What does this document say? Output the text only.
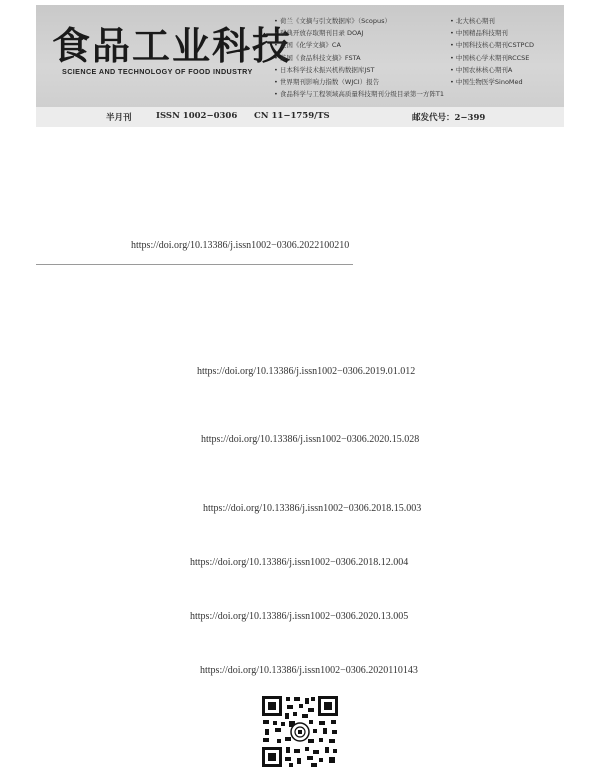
食品工业科技
SCIENCE AND TECHNOLOGY OF FOOD INDUSTRY
• 荷兰《文摘与引文数据库》（Scopus）
• 瑞典开放存取期刊目录 DOAJ
• 美国《化学文摘》CA
• 英国《食品科技文摘》FSTA
• 日本科学技术振兴机构数据库JST
• 世界期刊影响力指数（WJCI）报告
• 食品科学与工程领域高质量科技期刊分级目录第一方阵T1
• 北大核心期刊
• 中国精品科技期刊
• 中国科技核心期刊CSTPCD
• 中国核心学术期刊RCCSE
• 中国农林核心期刊A
• 中国生物医学SinoMed
半月刊	ISSN 1002−0306 CN 11−1759/TS	邮发代号：2−399
https://doi.org/10.13386/j.issn1002−0306.2022100210
https://doi.org/10.13386/j.issn1002−0306.2019.01.012
https://doi.org/10.13386/j.issn1002−0306.2020.15.028
https://doi.org/10.13386/j.issn1002−0306.2018.15.003
https://doi.org/10.13386/j.issn1002−0306.2018.12.004
https://doi.org/10.13386/j.issn1002−0306.2020.13.005
https://doi.org/10.13386/j.issn1002−0306.2020110143
